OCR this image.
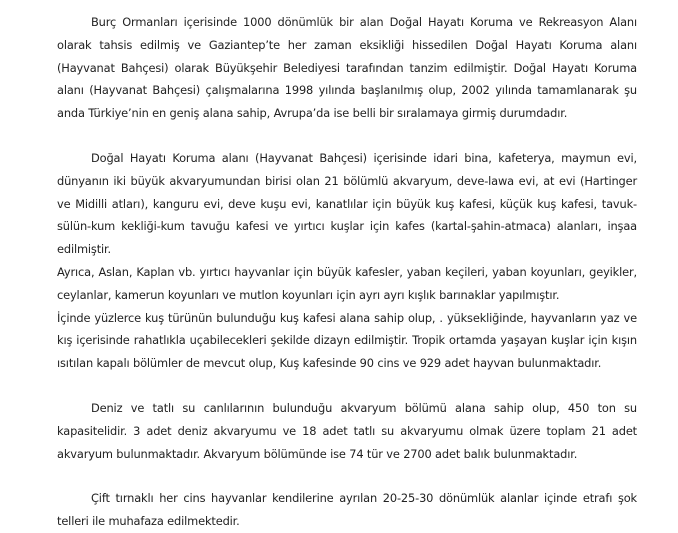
Burç Ormanları içerisinde 1000 dönümlük bir alan Doğal Hayatı Koruma ve Rekreasyon Alanı olarak tahsis edilmiş ve Gaziantep’te her zaman eksikliği hissedilen Doğal Hayatı Koruma alanı (Hayvanat Bahçesi) olarak Büyükşehir Belediyesi tarafından tanzim edilmiştir. Doğal Hayatı Koruma alanı (Hayvanat Bahçesi) çalışmalarına 1998 yılında başlanılmış olup, 2002 yılında tamamlanarak şu anda Türkiye’nin en geniş alana sahip, Avrupa’da ise belli bir sıralamaya girmiş durumdadır.

Doğal Hayatı Koruma alanı (Hayvanat Bahçesi) içerisinde idari bina, kafeterya, maymun evi, dünyanın iki büyük akvaryumundan birisi olan 21 bölümlü akvaryum, deve-lawa evi, at evi (Hartinger ve Midilli atları), kanguru evi, deve kuşu evi, kanatlılar için büyük kuş kafesi, küçük kuş kafesi, tavuk-sülün-kum kekliği-kum tavuğu kafesi ve yırtıcı kuşlar için kafes (kartal-şahin-atmaca) alanları, inşaa edilmiştir.

Ayrıca, Aslan, Kaplan vb. yırtıcı hayvanlar için büyük kafesler, yaban keçileri, yaban koyunları, geyikler, ceylanlar, kamerun koyunları ve mutlon koyunları için ayrı ayrı kışlık barınaklar yapılmıştır.

İçinde yüzlerce kuş türünün bulunduğu kuş kafesi alana sahip olup, . yüksekliğinde, hayvanların yaz ve kış içerisinde rahatlıkla uçabilecekleri şekilde dizayn edilmiştir. Tropik ortamda yaşayan kuşlar için kışın ısıtılan kapalı bölümler de mevcut olup, Kuş kafesinde 90 cins ve 929 adet hayvan bulunmaktadır.

Deniz ve tatlı su canlılarının bulunduğu akvaryum bölümü alana sahip olup, 450 ton su kapasitelidir. 3 adet deniz akvaryumu ve 18 adet tatlı su akvaryumu olmak üzere toplam 21 adet akvaryum bulunmaktadır. Akvaryum bölümünde ise 74 tür ve 2700 adet balık bulunmaktadır.

Çift tırnaklı her cins hayvanlar kendilerine ayrılan 20-25-30 dönümlük alanlar içinde etrafı şok telleri ile muhafaza edilmektedir.
